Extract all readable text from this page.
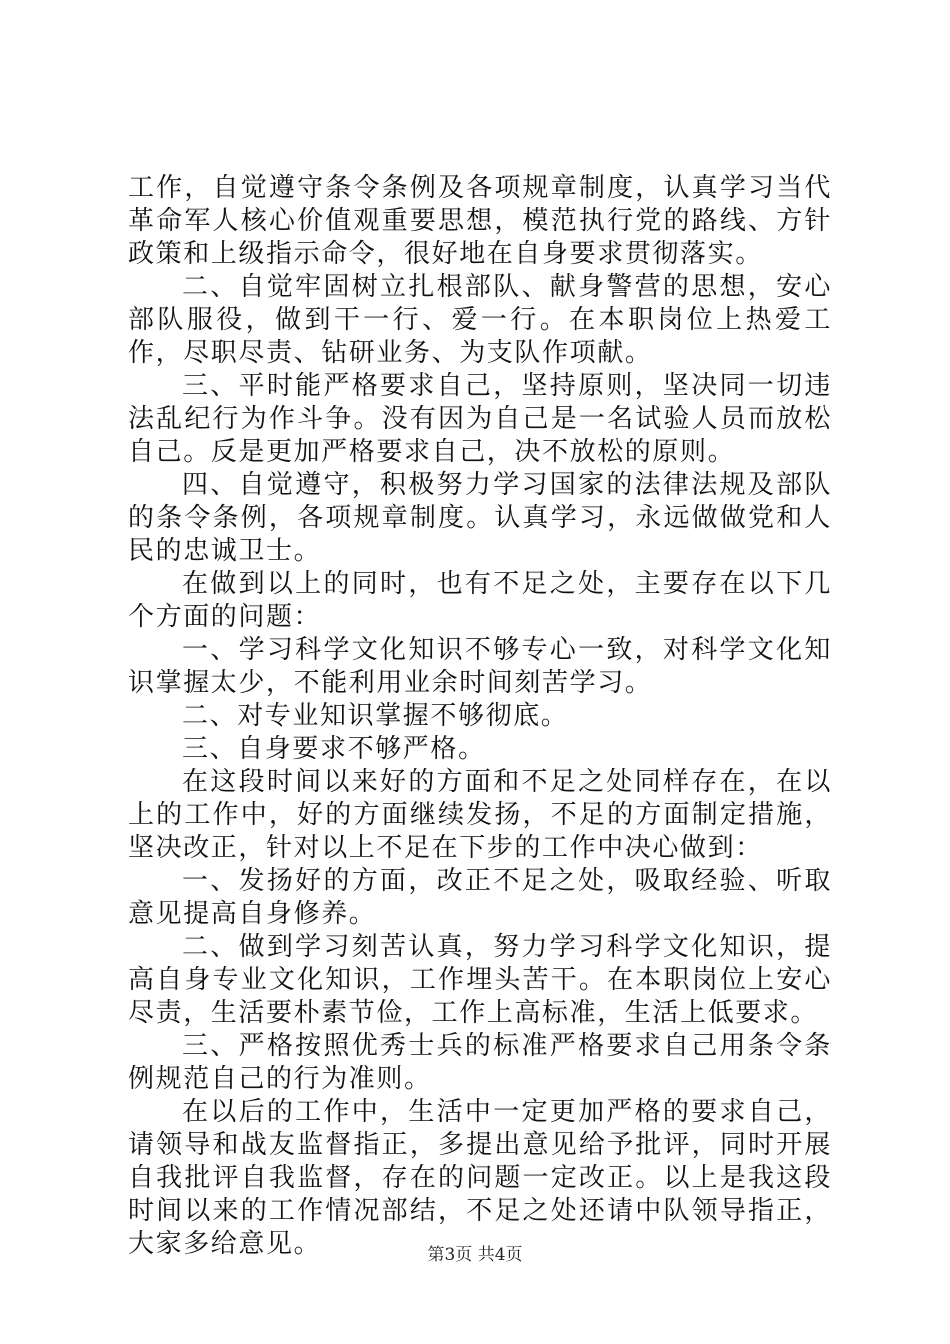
工作，自觉遵守条令条例及各项规章制度，认真学习当代革命军人核心价值观重要思想，模范执行党的路线、方针政策和上级指示命令，很好地在自身要求贯彻落实。

二、自觉牢固树立扎根部队、献身警营的思想，安心部队服役，做到干一行、爱一行。在本职岗位上热爱工作，尽职尽责、钻研业务、为支队作项献。

三、平时能严格要求自己，坚持原则，坚决同一切违法乱纪行为作斗争。没有因为自己是一名试验人员而放松自己。反是更加严格要求自己，决不放松的原则。

四、自觉遵守，积极努力学习国家的法律法规及部队的条令条例，各项规章制度。认真学习，永远做做党和人民的忠诚卫士。

在做到以上的同时，也有不足之处，主要存在以下几个方面的问题：

一、学习科学文化知识不够专心一致，对科学文化知识掌握太少，不能利用业余时间刻苦学习。

二、对专业知识掌握不够彻底。

三、自身要求不够严格。

在这段时间以来好的方面和不足之处同样存在，在以上的工作中，好的方面继续发扬，不足的方面制定措施，坚决改正，针对以上不足在下步的工作中决心做到：

一、发扬好的方面，改正不足之处，吸取经验、听取意见提高自身修养。

二、做到学习刻苦认真，努力学习科学文化知识，提高自身专业文化知识，工作埋头苦干。在本职岗位上安心尽责，生活要朴素节俭，工作上高标准，生活上低要求。

三、严格按照优秀士兵的标准严格要求自己用条令条例规范自己的行为准则。

在以后的工作中，生活中一定更加严格的要求自己，请领导和战友监督指正，多提出意见给予批评，同时开展自我批评自我监督，存在的问题一定改正。以上是我这段时间以来的工作情况部结，不足之处还请中队领导指正，大家多给意见。	第3页 共4页
